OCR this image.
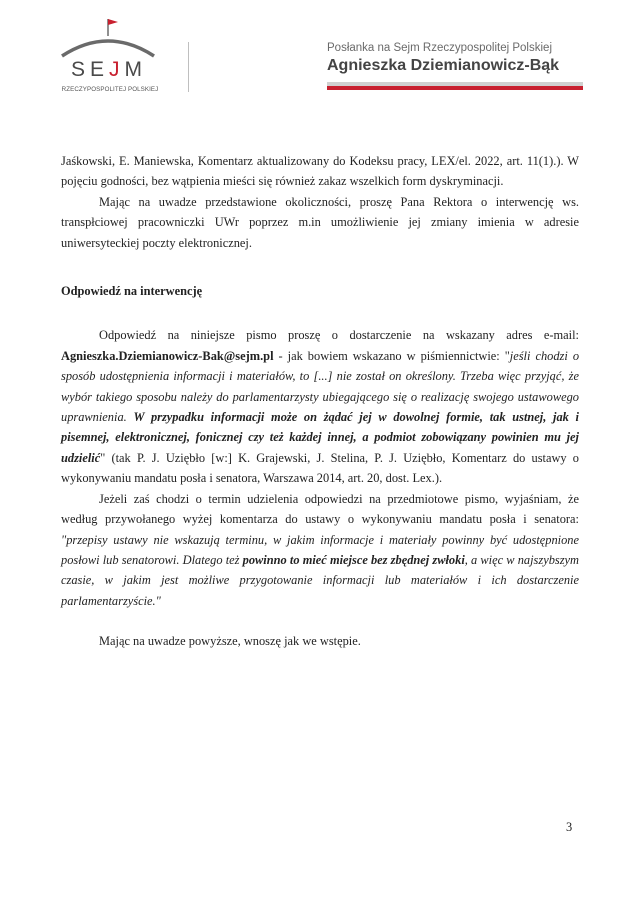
SEJM
RZECZYPOSPOLITEJ POLSKIEJ
Posłanka na Sejm Rzeczypospolitej Polskiej
Agnieszka Dziemianowicz-Bąk

Jaśkowski, E. Maniewska, Komentarz aktualizowany do Kodeksu pracy, LEX/el. 2022, art. 11(1).). W pojęciu godności, bez wątpienia mieści się również zakaz wszelkich form dyskryminacji.

Mając na uwadze przedstawione okoliczności, proszę Pana Rektora o interwencję ws. transpłciowej pracowniczki UWr poprzez m.in umożliwienie jej zmiany imienia w adresie uniwersyteckiej poczty elektronicznej.

Odpowiedź na interwencję

Odpowiedź na niniejsze pismo proszę o dostarczenie na wskazany adres e-mail: Agnieszka.Dziemianowicz-Bak@sejm.pl - jak bowiem wskazano w piśmiennictwie: "jeśli chodzi o sposób udostępnienia informacji i materiałów, to [...] nie został on określony. Trzeba więc przyjąć, że wybór takiego sposobu należy do parlamentarzysty ubiegającego się o realizację swojego ustawowego uprawnienia. W przypadku informacji może on żądać jej w dowolnej formie, tak ustnej, jak i pisemnej, elektronicznej, fonicznej czy też każdej innej, a podmiot zobowiązany powinien mu jej udzielić" (tak P. J. Uziębło [w:] K. Grajewski, J. Stelina, P. J. Uziębło, Komentarz do ustawy o wykonywaniu mandatu posła i senatora, Warszawa 2014, art. 20, dost. Lex.).

Jeżeli zaś chodzi o termin udzielenia odpowiedzi na przedmiotowe pismo, wyjaśniam, że według przywołanego wyżej komentarza do ustawy o wykonywaniu mandatu posła i senatora: "przepisy ustawy nie wskazują terminu, w jakim informacje i materiały powinny być udostępnione posłowi lub senatorowi. Dlatego też powinno to mieć miejsce bez zbędnej zwłoki, a więc w najszybszym czasie, w jakim jest możliwe przygotowanie informacji lub materiałów i ich dostarczenie parlamentarzyście."

Mając na uwadze powyższe, wnoszę jak we wstępie.

3
